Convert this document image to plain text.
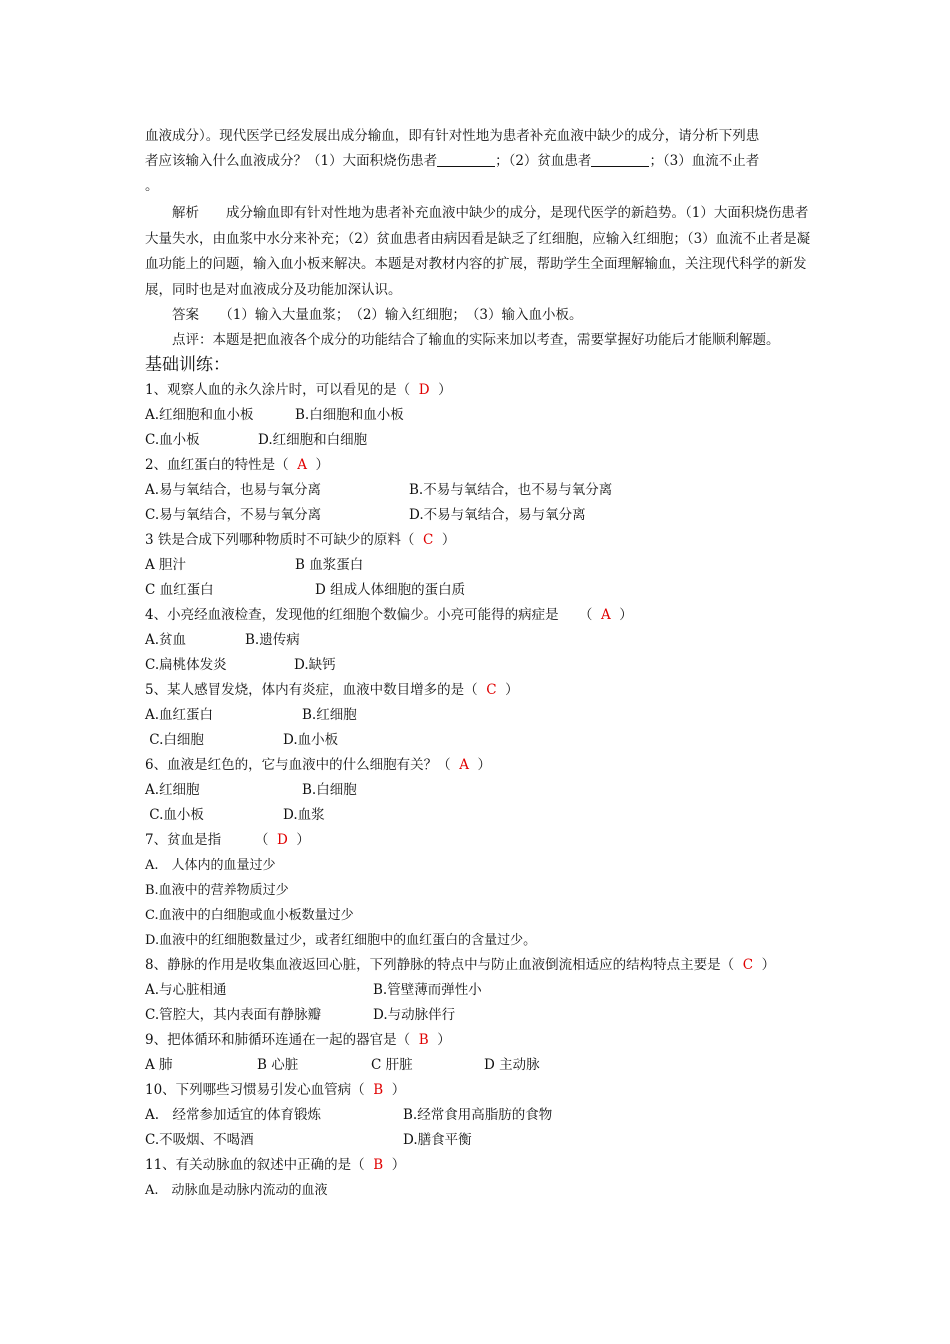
血液成分）。现代医学已经发展出成分输血，即有针对性地为患者补充血液中缺少的成分，请分析下列患
者应该输入什么血液成分？（1）大面积烧伤患者	；（2）贫血患者	；（3）血流不止者
。
解析　　成分输血即有针对性地为患者补充血液中缺少的成分，是现代医学的新趋势。（1）大面积烧伤患者大量失水，由血浆中水分来补充；（2）贫血患者由病因看是缺乏了红细胞，应输入红细胞；（3）血流不止者是凝血功能上的问题，输入血小板来解决。本题是对教材内容的扩展，帮助学生全面理解输血，关注现代科学的新发展，同时也是对血液成分及功能加深认识。
答案　　（1）输入大量血浆；　（2）输入红细胞；　（3）输入血小板。
点评：本题是把血液各个成分的功能结合了输血的实际来加以考查，需要掌握好功能后才能顺利解题。
基础训练：
1、观察人血的永久涂片时，可以看见的是（ D ）
A.红细胞和血小板	B.白细胞和血小板
C.血小板	D.红细胞和白细胞
2、血红蛋白的特性是（ A ）
A.易与氧结合，也易与氧分离	B.不易与氧结合，也不易与氧分离
C.易与氧结合，不易与氧分离	D.不易与氧结合，易与氧分离
3 铁是合成下列哪种物质时不可缺少的原料（ C ）
A 胆汁	B 血浆蛋白
C 血红蛋白	D 组成人体细胞的蛋白质
4、小亮经血液检查，发现他的红细胞个数偏少。小亮可能得的病症是　　（ A ）
A.贫血	B.遗传病
C.扁桃体发炎	D.缺钙
5、某人感冒发烧，体内有炎症，血液中数目增多的是（ C ）
A.血红蛋白	B.红细胞
C.白细胞	D.血小板
6、血液是红色的，它与血液中的什么细胞有关？（ A ）
A.红细胞	B.白细胞
C.血小板	D.血浆
7、贫血是指　　　（ D ）
A.　人体内的血量过少
B.血液中的营养物质过少
C.血液中的白细胞或血小板数量过少
D.血液中的红细胞数量过少，或者红细胞中的血红蛋白的含量过少。
8、静脉的作用是收集血液返回心脏，下列静脉的特点中与防止血液倒流相适应的结构特点主要是（ C ）
A.与心脏相通	B.管壁薄而弹性小
C.管腔大，其内表面有静脉瓣	D.与动脉伴行
9、把体循环和肺循环连通在一起的器官是（ B ）
A 肺	B 心脏	C 肝脏	D 主动脉
10、下列哪些习惯易引发心血管病（ B ）
A.　经常参加适宜的体育锻炼	B.经常食用高脂肪的食物
C.不吸烟、不喝酒	D.膳食平衡
11、有关动脉血的叙述中正确的是（ B ）
A.　动脉血是动脉内流动的血液
